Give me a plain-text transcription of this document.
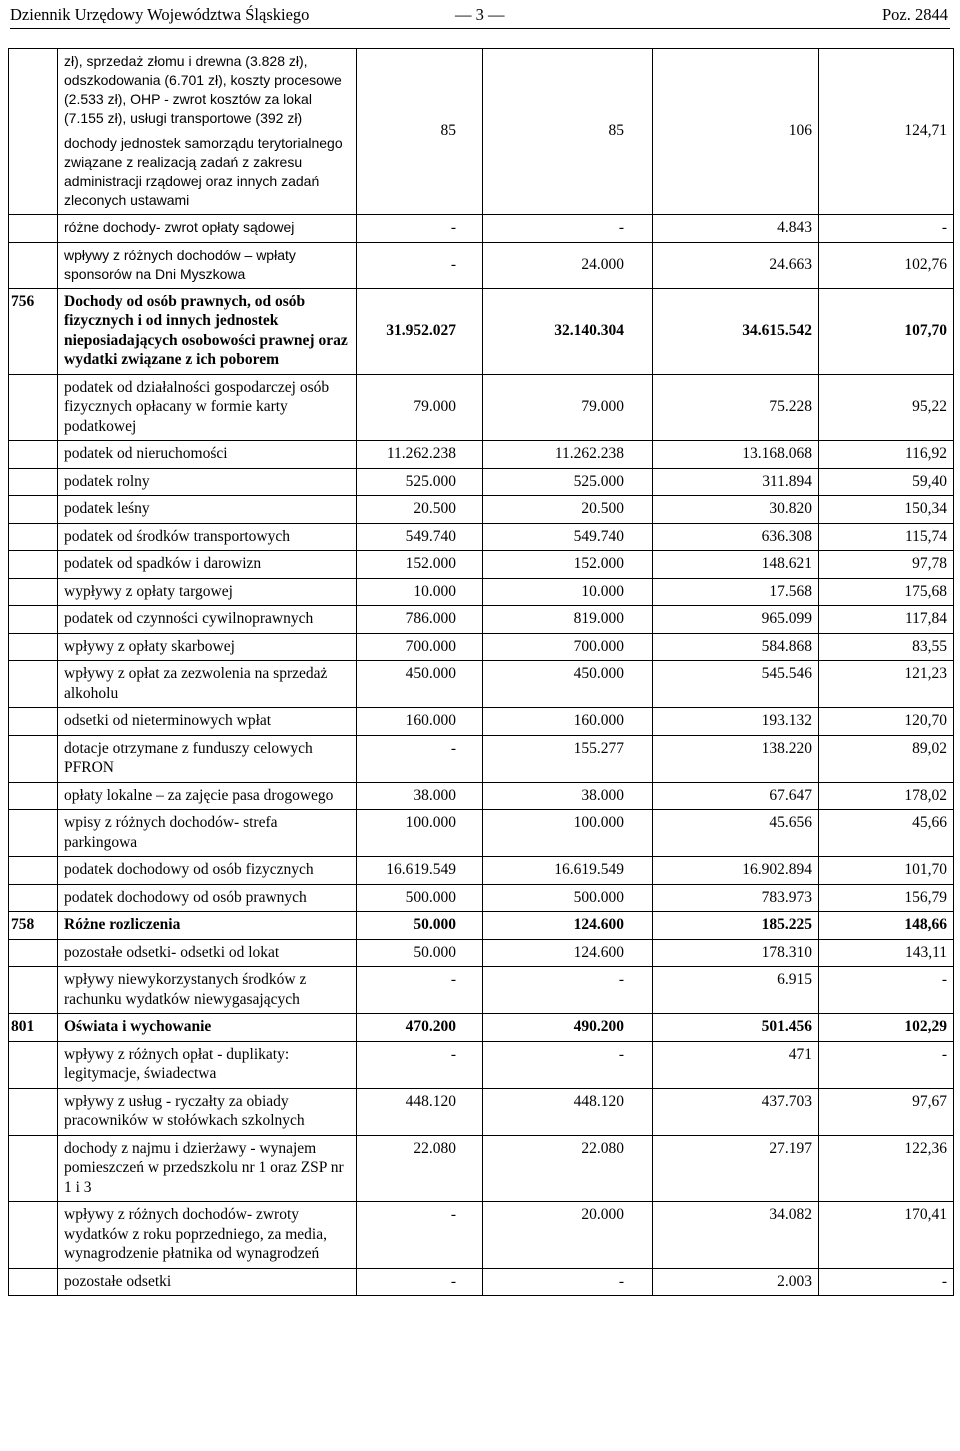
Dziennik Urzędowy Województwa Śląskiego	— 3 —	Poz. 2844

	zł), sprzedaż złomu i drewna (3.828 zł), odszkodowania (6.701 zł), koszty procesowe (2.533 zł), OHP - zwrot kosztów za lokal (7.155 zł), usługi transportowe (392 zł)
dochody jednostek samorządu terytorialnego związane z realizacją zadań z zakresu administracji rządowej oraz innych zadań zleconych ustawami	85	85	106	124,71

	różne dochody- zwrot opłaty sądowej	-	-	4.843	-

	wpływy z różnych dochodów – wpłaty sponsorów na Dni Myszkowa	-	24.000	24.663	102,76
756	Dochody od osób prawnych, od osób fizycznych i od innych jednostek nieposiadających osobowości prawnej oraz wydatki związane z ich poborem	31.952.027	32.140.304	34.615.542	107,70

	podatek od działalności gospodarczej osób fizycznych opłacany w formie karty podatkowej	79.000	79.000	75.228	95,22

	podatek od nieruchomości	11.262.238	11.262.238	13.168.068	116,92

	podatek rolny	525.000	525.000	311.894	59,40

	podatek leśny	20.500	20.500	30.820	150,34

	podatek od środków transportowych	549.740	549.740	636.308	115,74

	podatek od spadków i darowizn	152.000	152.000	148.621	97,78

	wypływy z opłaty targowej	10.000	10.000	17.568	175,68

	podatek od czynności cywilnoprawnych	786.000	819.000	965.099	117,84

	wpływy z opłaty skarbowej	700.000	700.000	584.868	83,55

	wpływy z opłat za zezwolenia na sprzedaż alkoholu	450.000	450.000	545.546	121,23

	odsetki od nieterminowych wpłat	160.000	160.000	193.132	120,70

	dotacje otrzymane z funduszy celowych PFRON	-	155.277	138.220	89,02

	opłaty lokalne – za zajęcie pasa drogowego	38.000	38.000	67.647	178,02

	wpisy z różnych dochodów- strefa parkingowa	100.000	100.000	45.656	45,66

	podatek dochodowy od osób fizycznych	16.619.549	16.619.549	16.902.894	101,70

	podatek dochodowy od osób prawnych	500.000	500.000	783.973	156,79
758	Różne rozliczenia	50.000	124.600	185.225	148,66

	pozostałe odsetki- odsetki od lokat	50.000	124.600	178.310	143,11

	wpływy niewykorzystanych środków z rachunku wydatków niewygasających	-	-	6.915	-
801	Oświata i wychowanie	470.200	490.200	501.456	102,29

	wpływy z różnych opłat - duplikaty: legitymacje, świadectwa	-	-	471	-

	wpływy z usług - ryczałty za obiady pracowników w stołówkach szkolnych	448.120	448.120	437.703	97,67

	dochody z najmu i dzierżawy - wynajem pomieszczeń w przedszkolu nr 1 oraz ZSP nr 1 i 3	22.080	22.080	27.197	122,36

	wpływy z różnych dochodów- zwroty wydatków z roku poprzedniego, za media, wynagrodzenie płatnika od wynagrodzeń	-	20.000	34.082	170,41

	pozostałe odsetki	-	-	2.003	-
